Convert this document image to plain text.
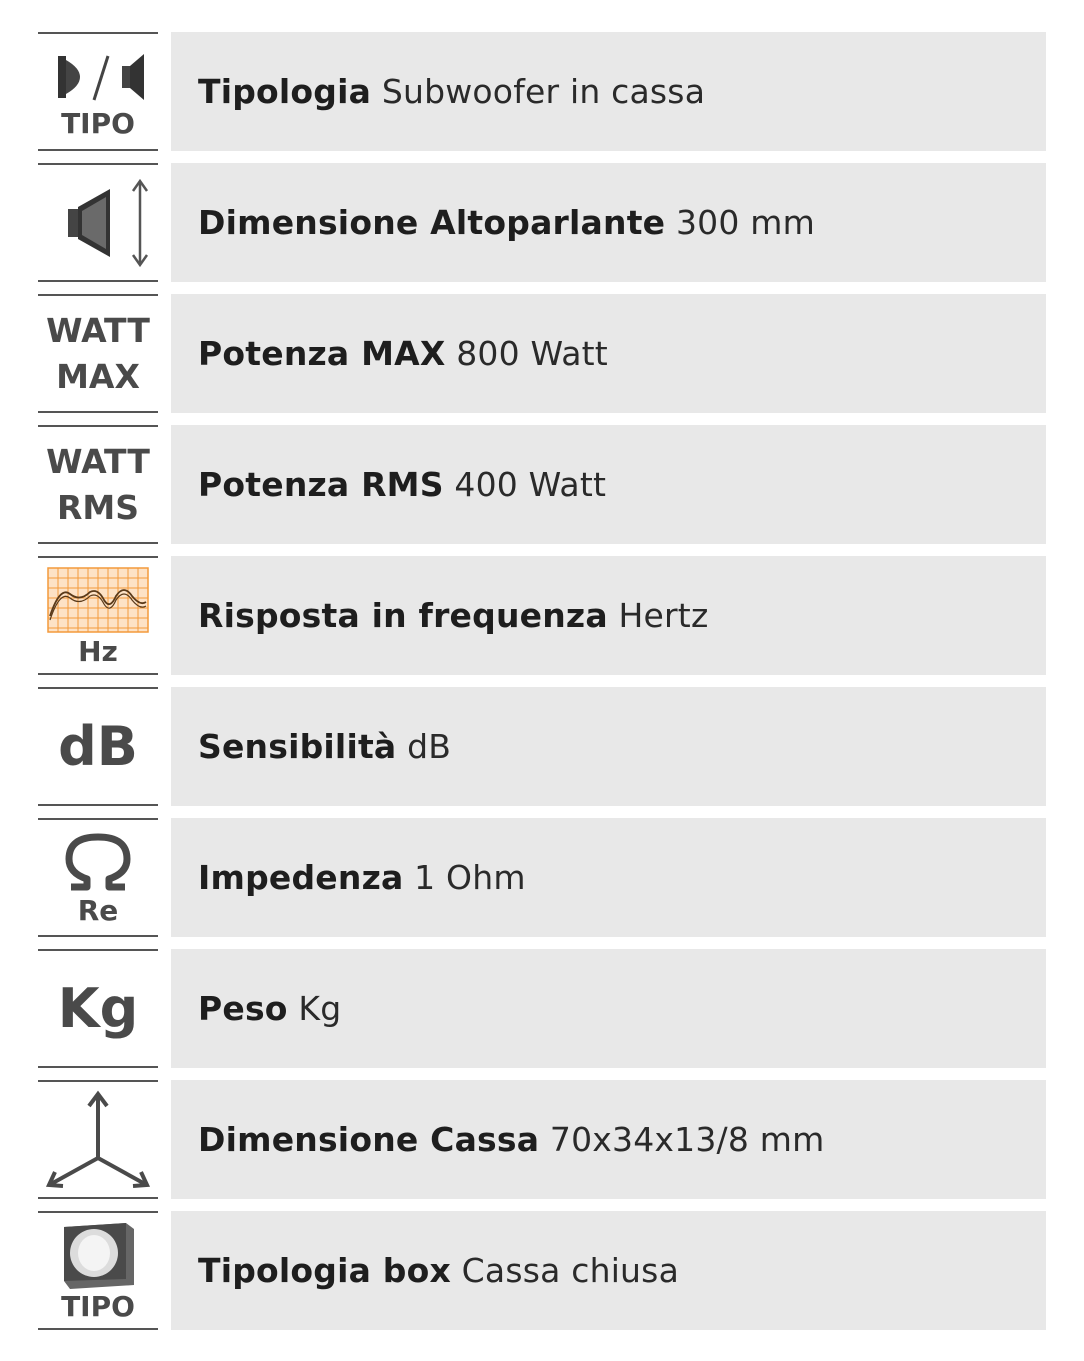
TIPO
Tipologia
Subwoofer in cassa
Dimensione Altoparlante
300 mm
WATT
MAX
Potenza MAX
800 Watt
WATT
RMS
Potenza RMS
400 Watt
Hz
Risposta in frequenza
Hertz
dB Sensibilità
dB
Re
Impedenza
1 Ohm
Kg Peso
Kg
Dimensione Cassa
70x34x13/8 mm
TIPO
Tipologia box
Cassa chiusa
